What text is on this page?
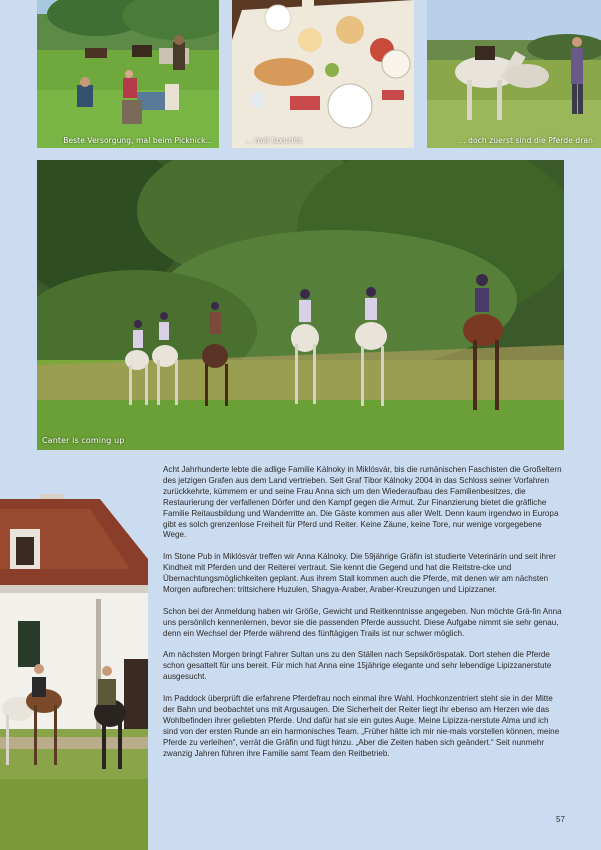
Beste Versorgung, mal beim Picknick...	... mal luxuriös	... doch zuerst sind die Pferde dran
Canter is coming up

Acht Jahrhunderte lebte die adlige Familie Kálnoky in Miklósvár, bis die rumänischen Faschisten die Großeltern des jetzigen Grafen aus dem Land vertrieben. Seit Graf Tibor Kálnoky 2004 in das Schloss seiner Vorfahren zurückkehrte, kümmern er und seine Frau Anna sich um den Wiederaufbau des Familienbesitzes, die Restaurierung der verfallenen Dörfer und den Kampf gegen die Armut. Zur Finanzierung bietet die gräfliche Familie Reitausbildung und Wanderritte an. Die Gäste kommen aus aller Welt. Denn kaum irgendwo in Europa gibt es solch grenzenlose Freiheit für Pferd und Reiter. Keine Zäune, keine Tore, nur wenige vorgegebene Wege.

Im Stone Pub in Miklósvár treffen wir Anna Kálnoky. Die 59jährige Gräfin ist studierte Veterinärin und seit ihrer Kindheit mit Pferden und der Reiterei vertraut. Sie kennt die Gegend und hat die Reitstre-cke und Übernachtungsmöglichkeiten geplant. Aus ihrem Stall kommen auch die Pferde, mit denen wir am nächsten Morgen aufbrechen: trittsichere Huzulen, Shagya-Araber, Araber-Kreuzungen und Lipizzaner.

Schon bei der Anmeldung haben wir Größe, Gewicht und Reitkenntnisse angegeben. Nun möchte Grä-fin Anna uns persönlich kennenlernen, bevor sie die passenden Pferde aussucht. Diese Aufgabe nimmt sie sehr genau, denn ein Wechsel der Pferde während des fünftägigen Trails ist nur schwer möglich.

Am nächsten Morgen bringt Fahrer Sultan uns zu den Ställen nach Sepsikőröspatak. Dort stehen die Pferde schon gesattelt für uns bereit. Für mich hat Anna eine 15jährige elegante und sehr lebendige Lipizzanerstute ausgesucht.

Im Paddock überprüft die erfahrene Pferdefrau noch einmal ihre Wahl. Hochkonzentriert steht sie in der Mitte der Bahn und beobachtet uns mit Argusaugen. Die Sicherheit der Reiter liegt ihr ebenso am Herzen wie das Wohlbefinden ihrer geliebten Pferde. Und dafür hat sie ein gutes Auge. Meine Lipizza-nerstute Alma und ich sind von der ersten Runde an ein harmonisches Team. „Früher hätte ich mir nie-mals vorstellen können, meine Pferde zu verleihen“, verrät die Gräfin und fügt hinzu. „Aber die Zeiten haben sich geändert.“ Seit nunmehr zwanzig Jahren führen ihre Familie samt Team den Reitbetrieb.

57
